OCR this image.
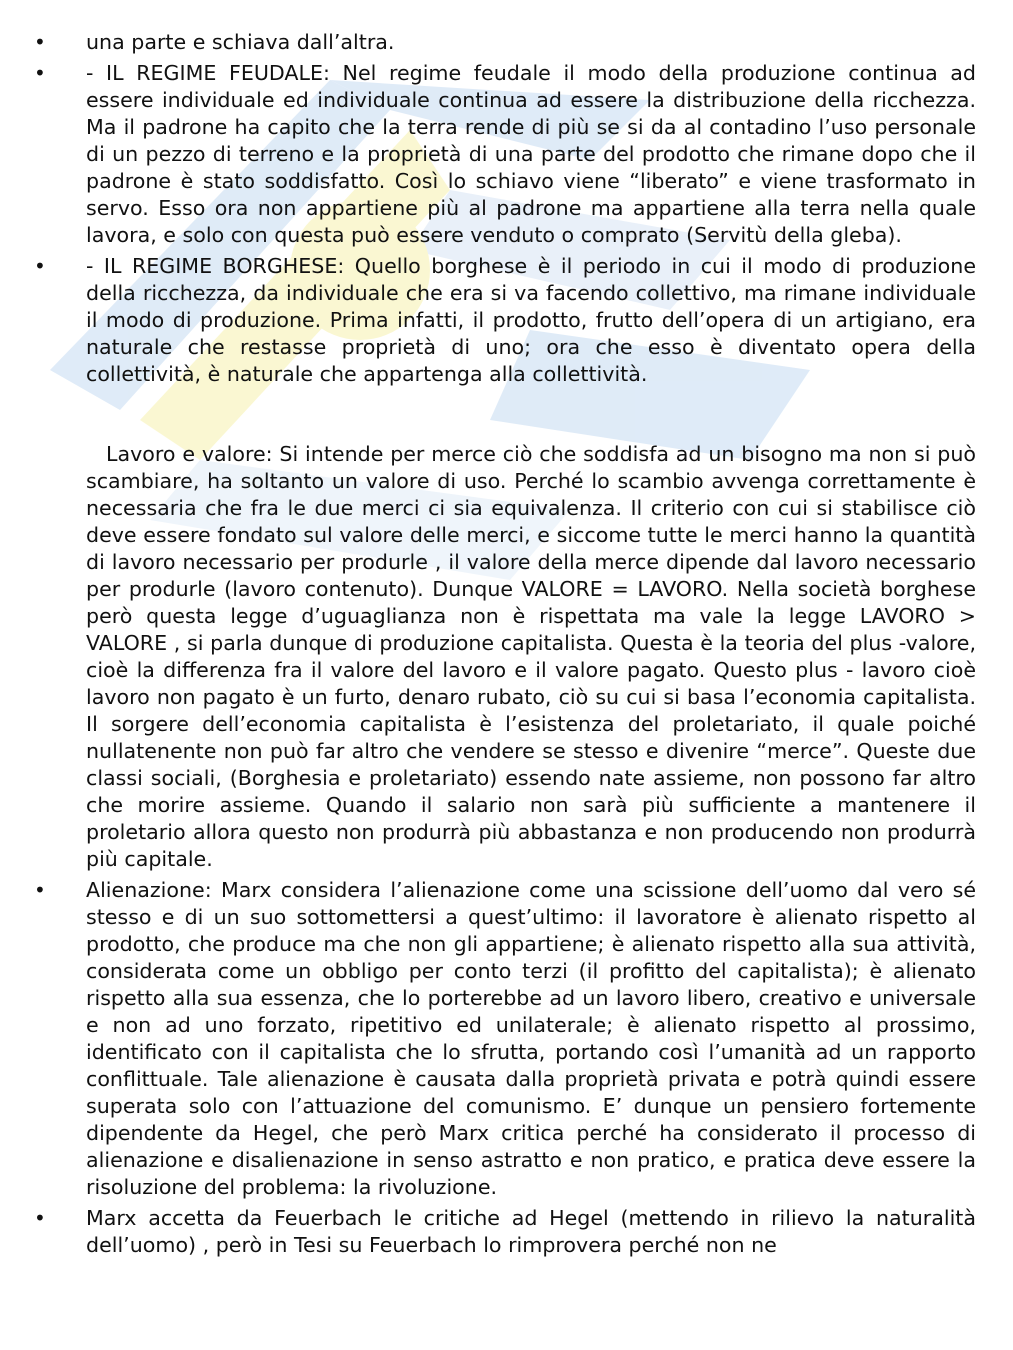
• una parte e schiava dall’altra.
• - IL REGIME FEUDALE: Nel regime feudale il modo della produzione continua ad essere individuale ed individuale continua ad essere la distribuzione della ricchezza. Ma il padrone ha capito che la terra rende di più se si da al contadino l’uso personale di un pezzo di terreno e la proprietà di una parte del prodotto che rimane dopo che il padrone è stato soddisfatto. Così lo schiavo viene “liberato” e viene trasformato in servo. Esso ora non appartiene più al padrone ma appartiene alla terra nella quale lavora, e solo con questa può essere venduto o comprato (Servitù della gleba).
• - IL REGIME BORGHESE: Quello borghese è il periodo in cui il modo di produzione della ricchezza, da individuale che era si va facendo collettivo, ma rimane individuale il modo di produzione. Prima infatti, il prodotto, frutto dell’opera di un artigiano, era naturale che restasse proprietà di uno; ora che esso è diventato opera della collettività, è naturale che appartenga alla collettività.
Lavoro e valore: Si intende per merce ciò che soddisfa ad un bisogno ma non si può scambiare, ha soltanto un valore di uso. Perché lo scambio avvenga correttamente è necessaria che fra le due merci ci sia equivalenza. Il criterio con cui si stabilisce ciò deve essere fondato sul valore delle merci, e siccome tutte le merci hanno la quantità di lavoro necessario per produrle , il valore della merce dipende dal lavoro necessario per produrle (lavoro contenuto). Dunque VALORE = LAVORO. Nella società borghese però questa legge d’uguaglianza non è rispettata ma vale la legge LAVORO > VALORE , si parla dunque di produzione capitalista. Questa è la teoria del plus -valore, cioè la differenza fra il valore del lavoro e il valore pagato. Questo plus - lavoro cioè lavoro non pagato è un furto, denaro rubato, ciò su cui si basa l’economia capitalista. Il sorgere dell’economia capitalista è l’esistenza del proletariato, il quale poiché nullatenente non può far altro che vendere se stesso e divenire “merce”. Queste due classi sociali, (Borghesia e proletariato) essendo nate assieme, non possono far altro che morire assieme. Quando il salario non sarà più sufficiente a mantenere il proletario allora questo non produrrà più abbastanza e non producendo non produrrà più capitale.
• Alienazione: Marx considera l’alienazione come una scissione dell’uomo dal vero sé stesso e di un suo sottomettersi a quest’ultimo: il lavoratore è alienato rispetto al prodotto, che produce ma che non gli appartiene; è alienato rispetto alla sua attività, considerata come un obbligo per conto terzi (il profitto del capitalista); è alienato rispetto alla sua essenza, che lo porterebbe ad un lavoro libero, creativo e universale e non ad uno forzato, ripetitivo ed unilaterale; è alienato rispetto al prossimo, identificato con il capitalista che lo sfrutta, portando così l’umanità ad un rapporto conflittuale. Tale alienazione è causata dalla proprietà privata e potrà quindi essere superata solo con l’attuazione del comunismo. E’ dunque un pensiero fortemente dipendente da Hegel, che però Marx critica perché ha considerato il processo di alienazione e disalienazione in senso astratto e non pratico, e pratica deve essere la risoluzione del problema: la rivoluzione.
• Marx accetta da Feuerbach le critiche ad Hegel (mettendo in rilievo la naturalità dell’uomo) , però in Tesi su Feuerbach lo rimprovera perché non ne
